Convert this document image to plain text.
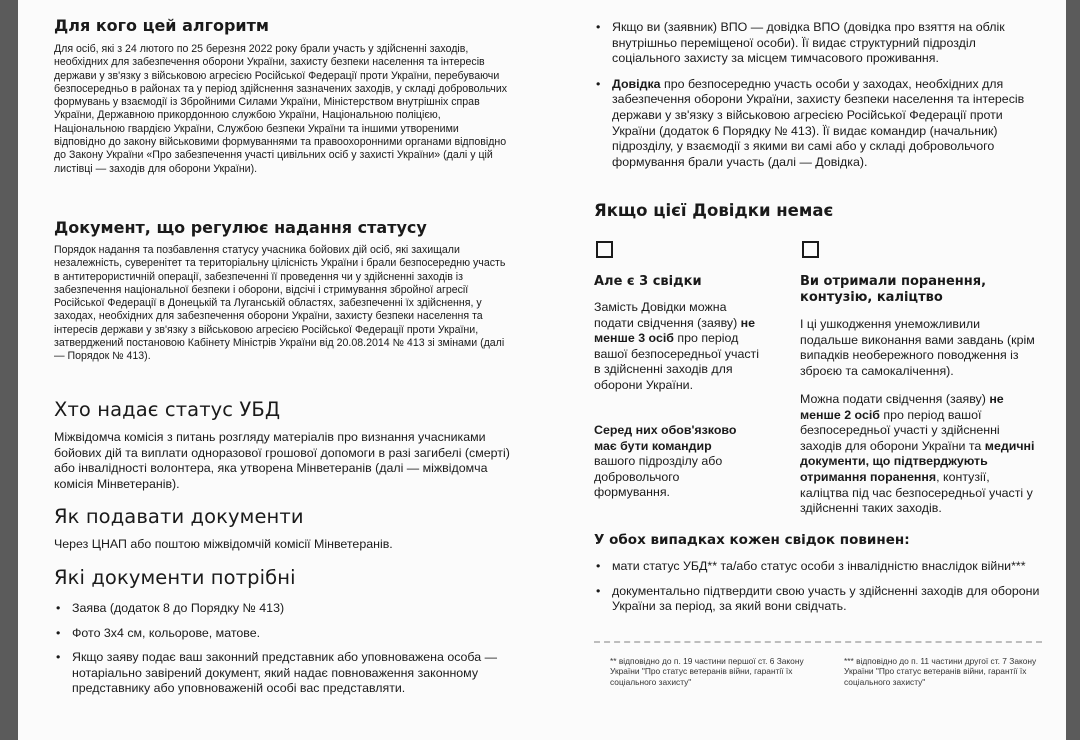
Для кого цей алгоритм

Для осіб, які з 24 лютого по 25 березня 2022 року брали участь у здійсненні заходів, необхідних для забезпечення оборони України, захисту безпеки населення та інтересів держави у зв'язку з військовою агресією Російської Федерації проти України, перебуваючи безпосередньо в районах та у період здійснення зазначених заходів, у складі добровольчих формувань у взаємодії із Збройними Силами України, Міністерством внутрішніх справ України, Державною прикордонною службою України, Національною поліцією, Національною гвардією України, Службою безпеки України та іншими утвореними відповідно до закону військовими формуваннями та правоохоронними органами відповідно до Закону України «Про забезпечення участі цивільних осіб у захисті України» (далі у цій листівці — заходів для оборони України).

Документ, що регулює надання статусу

Порядок надання та позбавлення статусу учасника бойових дій осіб, які захищали незалежність, суверенітет та територіальну цілісність України і брали безпосередню участь в антитерористичній операції, забезпеченні її проведення чи у здійсненні заходів із забезпечення національної безпеки і оборони, відсічі і стримування збройної агресії Російської Федерації в Донецькій та Луганській областях, забезпеченні їх здійснення, у заходах, необхідних для забезпечення оборони України, захисту безпеки населення та інтересів держави у зв'язку з військовою агресією Російської Федерації проти України, затверджений постановою Кабінету Міністрів України від 20.08.2014 № 413 зі змінами (далі — Порядок № 413).

Хто надає статус УБД

Міжвідомча комісія з питань розгляду матеріалів про визнання учасниками бойових дій та виплати одноразової грошової допомоги в разі загибелі (смерті) або інвалідності волонтера, яка утворена Мінветеранів (далі — міжвідомча комісія Мінветеранів).

Як подавати документи

Через ЦНАП або поштою міжвідомчій комісії Мінветеранів.

Які документи потрібні
• Заява (додаток 8 до Порядку № 413)
• Фото 3х4 см, кольорове, матове.
• Якщо заяву подає ваш законний представник або уповноважена особа — нотаріально завірений документ, який надає повноваження законному представнику або уповноваженій особі вас представляти.
• Якщо ви (заявник) ВПО — довідка ВПО (довідка про взяття на облік внутрішньо переміщеної особи). Її видає структурний підрозділ соціального захисту за місцем тимчасового проживання.
• Довідка про безпосередню участь особи у заходах, необхідних для забезпечення оборони України, захисту безпеки населення та інтересів держави у зв'язку з військовою агресією Російської Федерації проти України (додаток 6 Порядку № 413). Її видає командир (начальник) підрозділу, у взаємодії з якими ви самі або у складі добровольчого формування брали участь (далі — Довідка).
Якщо цієї Довідки немає
Але є 3 свідки

Замість Довідки можна подати свідчення (заяву) не менше 3 осіб про період вашої безпосередньої участі в здійсненні заходів для оборони України.

Серед них обов'язково має бути командир вашого підрозділу або добровольчого формування.

Ви отримали поранення, контузію, каліцтво

І ці ушкодження унеможливили подальше виконання вами завдань (крім випадків необережного поводження із зброєю та самокалічення).

Можна подати свідчення (заяву) не менше 2 осіб про період вашої безпосередньої участі у здійсненні заходів для оборони України та медичні документи, що підтверджують отримання поранення, контузії, каліцтва під час безпосередньої участі у здійсненні таких заходів.

У обох випадках кожен свідок повинен:
• мати статус УБД** та/або статус особи з інвалідністю внаслідок війни***
• документально підтвердити свою участь у здійсненні заходів для оборони України за період, за який вони свідчать.

** відповідно до п. 19 частини першої ст. 6 Закону України "Про статус ветеранів війни, гарантії їх соціального захисту"

*** відповідно до п. 11 частини другої ст. 7 Закону України "Про статус ветеранів війни, гарантії їх соціального захисту"
